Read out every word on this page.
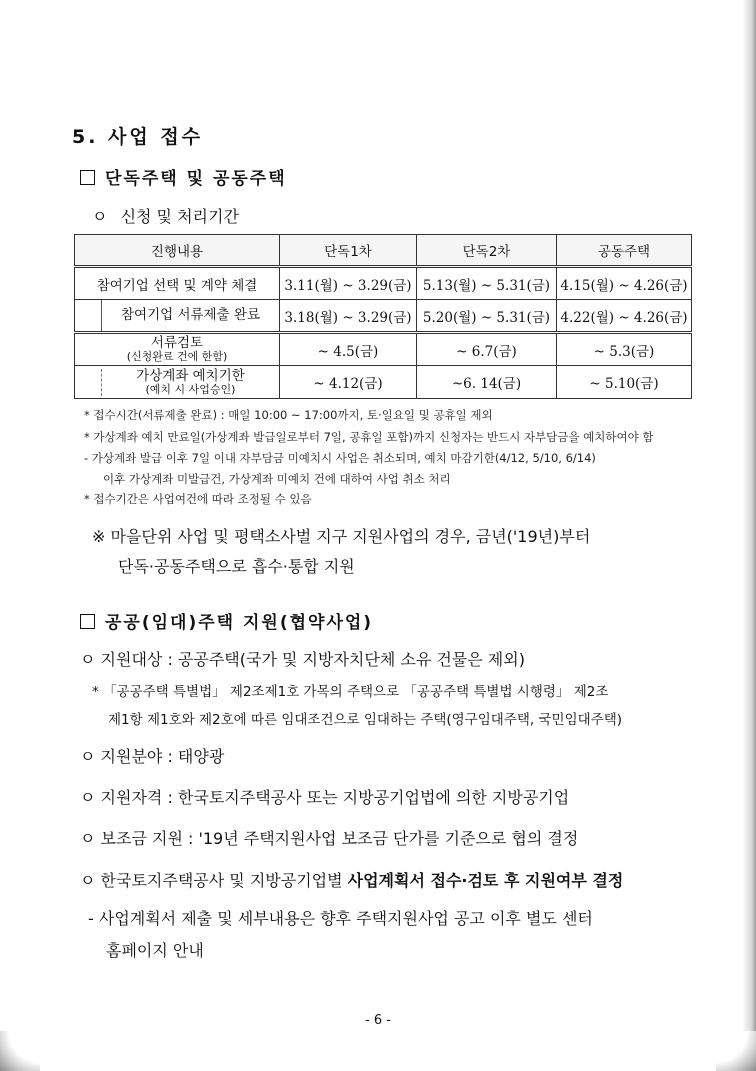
5. 사업 접수
단독주택 및 공동주택
ㅇ 신청 및 처리기간
진행내용	단독1차	단독2차	공동주택
참여기업 선택 및 계약 체결	3.11(월) ~ 3.29(금)	5.13(월) ~ 5.31(금)	4.15(월) ~ 4.26(금)

참여기업 서류제출 완료	3.18(월) ~ 3.29(금)	5.20(월) ~ 5.31(금)	4.22(월) ~ 4.26(금)

서류검토
(신청완료 건에 한함)	~ 4.5(금)	~ 6.7(금)	~ 5.3(금)

가상계좌 예치기한
(예치 시 사업승인)	~ 4.12(금)	~6. 14(금)	~ 5.10(금)
* 접수시간(서류제출 완료) : 매일 10:00 ~ 17:00까지, 토·일요일 및 공휴일 제외
* 가상계좌 예치 만료일(가상계좌 발급일로부터 7일, 공휴일 포함)까지 신청자는 반드시 자부담금을 예치하여야 함
- 가상계좌 발급 이후 7일 이내 자부담금 미예치시 사업은 취소되며, 예치 마감기한(4/12, 5/10, 6/14)
이후 가상계좌 미발급건, 가상계좌 미예치 건에 대하여 사업 취소 처리
* 접수기간은 사업여건에 따라 조정될 수 있음
※ 마을단위 사업 및 평택소사벌 지구 지원사업의 경우, 금년('19년)부터
단독·공동주택으로 흡수·통합 지원
공공(임대)주택 지원(협약사업)
ㅇ 지원대상 : 공공주택(국가 및 지방자치단체 소유 건물은 제외)
* 「공공주택 특별법」 제2조제1호 가목의 주택으로 「공공주택 특별법 시행령」 제2조
제1항 제1호와 제2호에 따른 임대조건으로 임대하는 주택(영구임대주택, 국민임대주택)
ㅇ 지원분야 : 태양광
ㅇ 지원자격 : 한국토지주택공사 또는 지방공기업법에 의한 지방공기업
ㅇ 보조금 지원 : '19년 주택지원사업 보조금 단가를 기준으로 협의 결정
ㅇ 한국토지주택공사 및 지방공기업별 사업계획서 접수·검토 후 지원여부 결정
- 사업계획서 제출 및 세부내용은 향후 주택지원사업 공고 이후 별도 센터
홈페이지 안내
- 6 -
